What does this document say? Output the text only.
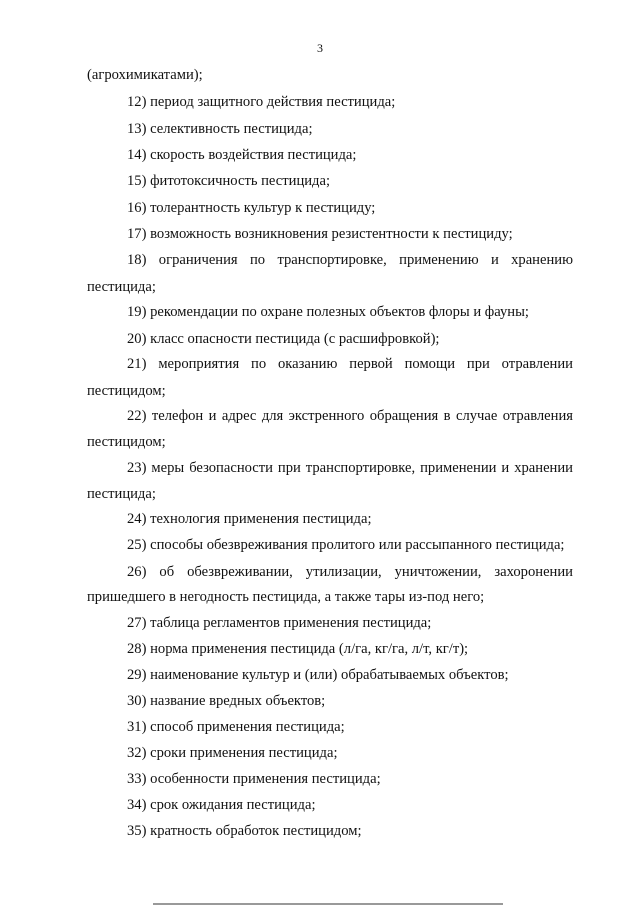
3
(агрохимикатами);
12) период защитного действия пестицида;
13) селективность пестицида;
14) скорость воздействия пестицида;
15) фитотоксичность пестицида;
16) толерантность культур к пестициду;
17) возможность возникновения резистентности к пестициду;
18) ограничения по транспортировке, применению и хранению
пестицида;
19) рекомендации по охране полезных объектов флоры и фауны;
20) класс опасности пестицида (с расшифровкой);
21) мероприятия по оказанию первой помощи при отравлении
пестицидом;
22) телефон и адрес для экстренного обращения в случае отравления
пестицидом;
23) меры безопасности при транспортировке, применении и хранении
пестицида;
24) технология применения пестицида;
25) способы обезвреживания пролитого или рассыпанного пестицида;
26) об обезвреживании, утилизации, уничтожении, захоронении
пришедшего в негодность пестицида, а также тары из-под него;
27) таблица регламентов применения пестицида;
28) норма применения пестицида (л/га, кг/га, л/т, кг/т);
29) наименование культур и (или) обрабатываемых объектов;
30) название вредных объектов;
31) способ применения пестицида;
32) сроки применения пестицида;
33) особенности применения пестицида;
34) срок ожидания пестицида;
35) кратность обработок пестицидом;
